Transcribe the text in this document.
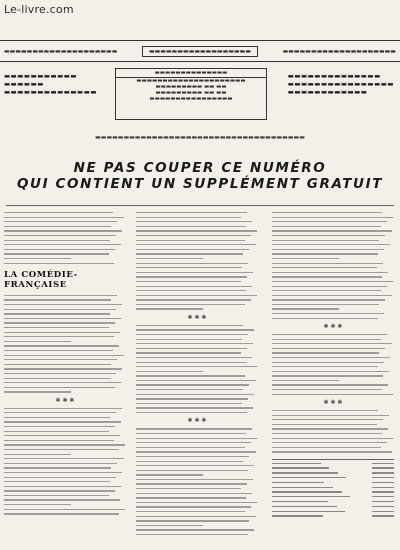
Le-livre.com
▬▬▬▬▬▬▬▬▬▬▬▬▬▬▬▬▬▬▬▬	▬▬▬▬▬▬▬▬▬▬▬▬▬▬▬▬▬▬	▬▬▬▬▬▬▬▬▬▬▬▬▬▬▬▬▬▬▬▬
▬▬▬▬▬▬▬▬▬▬▬
▬▬▬▬▬▬
▬▬▬▬▬▬▬▬▬▬▬▬▬▬
▬▬▬▬▬▬▬▬▬▬▬▬▬▬
▬▬▬▬▬▬▬▬▬▬▬▬▬▬▬▬▬▬▬▬▬
▬▬▬▬▬▬▬▬▬ ▬▬ ▬▬
▬▬▬▬▬▬▬▬▬ ▬▬ ▬▬
▬▬▬▬▬▬▬▬▬▬▬▬▬▬▬▬
▬▬▬▬▬▬▬▬▬▬▬▬▬▬
▬▬▬▬▬▬▬▬▬▬▬▬▬▬▬▬
▬▬▬▬▬▬▬▬▬▬▬▬
▬▬▬▬▬▬▬▬▬▬▬▬▬▬▬▬▬▬▬▬▬▬▬▬▬▬▬▬▬▬▬▬▬▬▬▬▬
NE PAS COUPER CE NUMÉRO
QUI CONTIENT UN SUPPLÉMENT GRATUIT
LA COMÉDIE-FRANÇAISE
✱ ✱ ✱
✱ ✱ ✱
✱ ✱ ✱
✱ ✱ ✱
✱ ✱ ✱
